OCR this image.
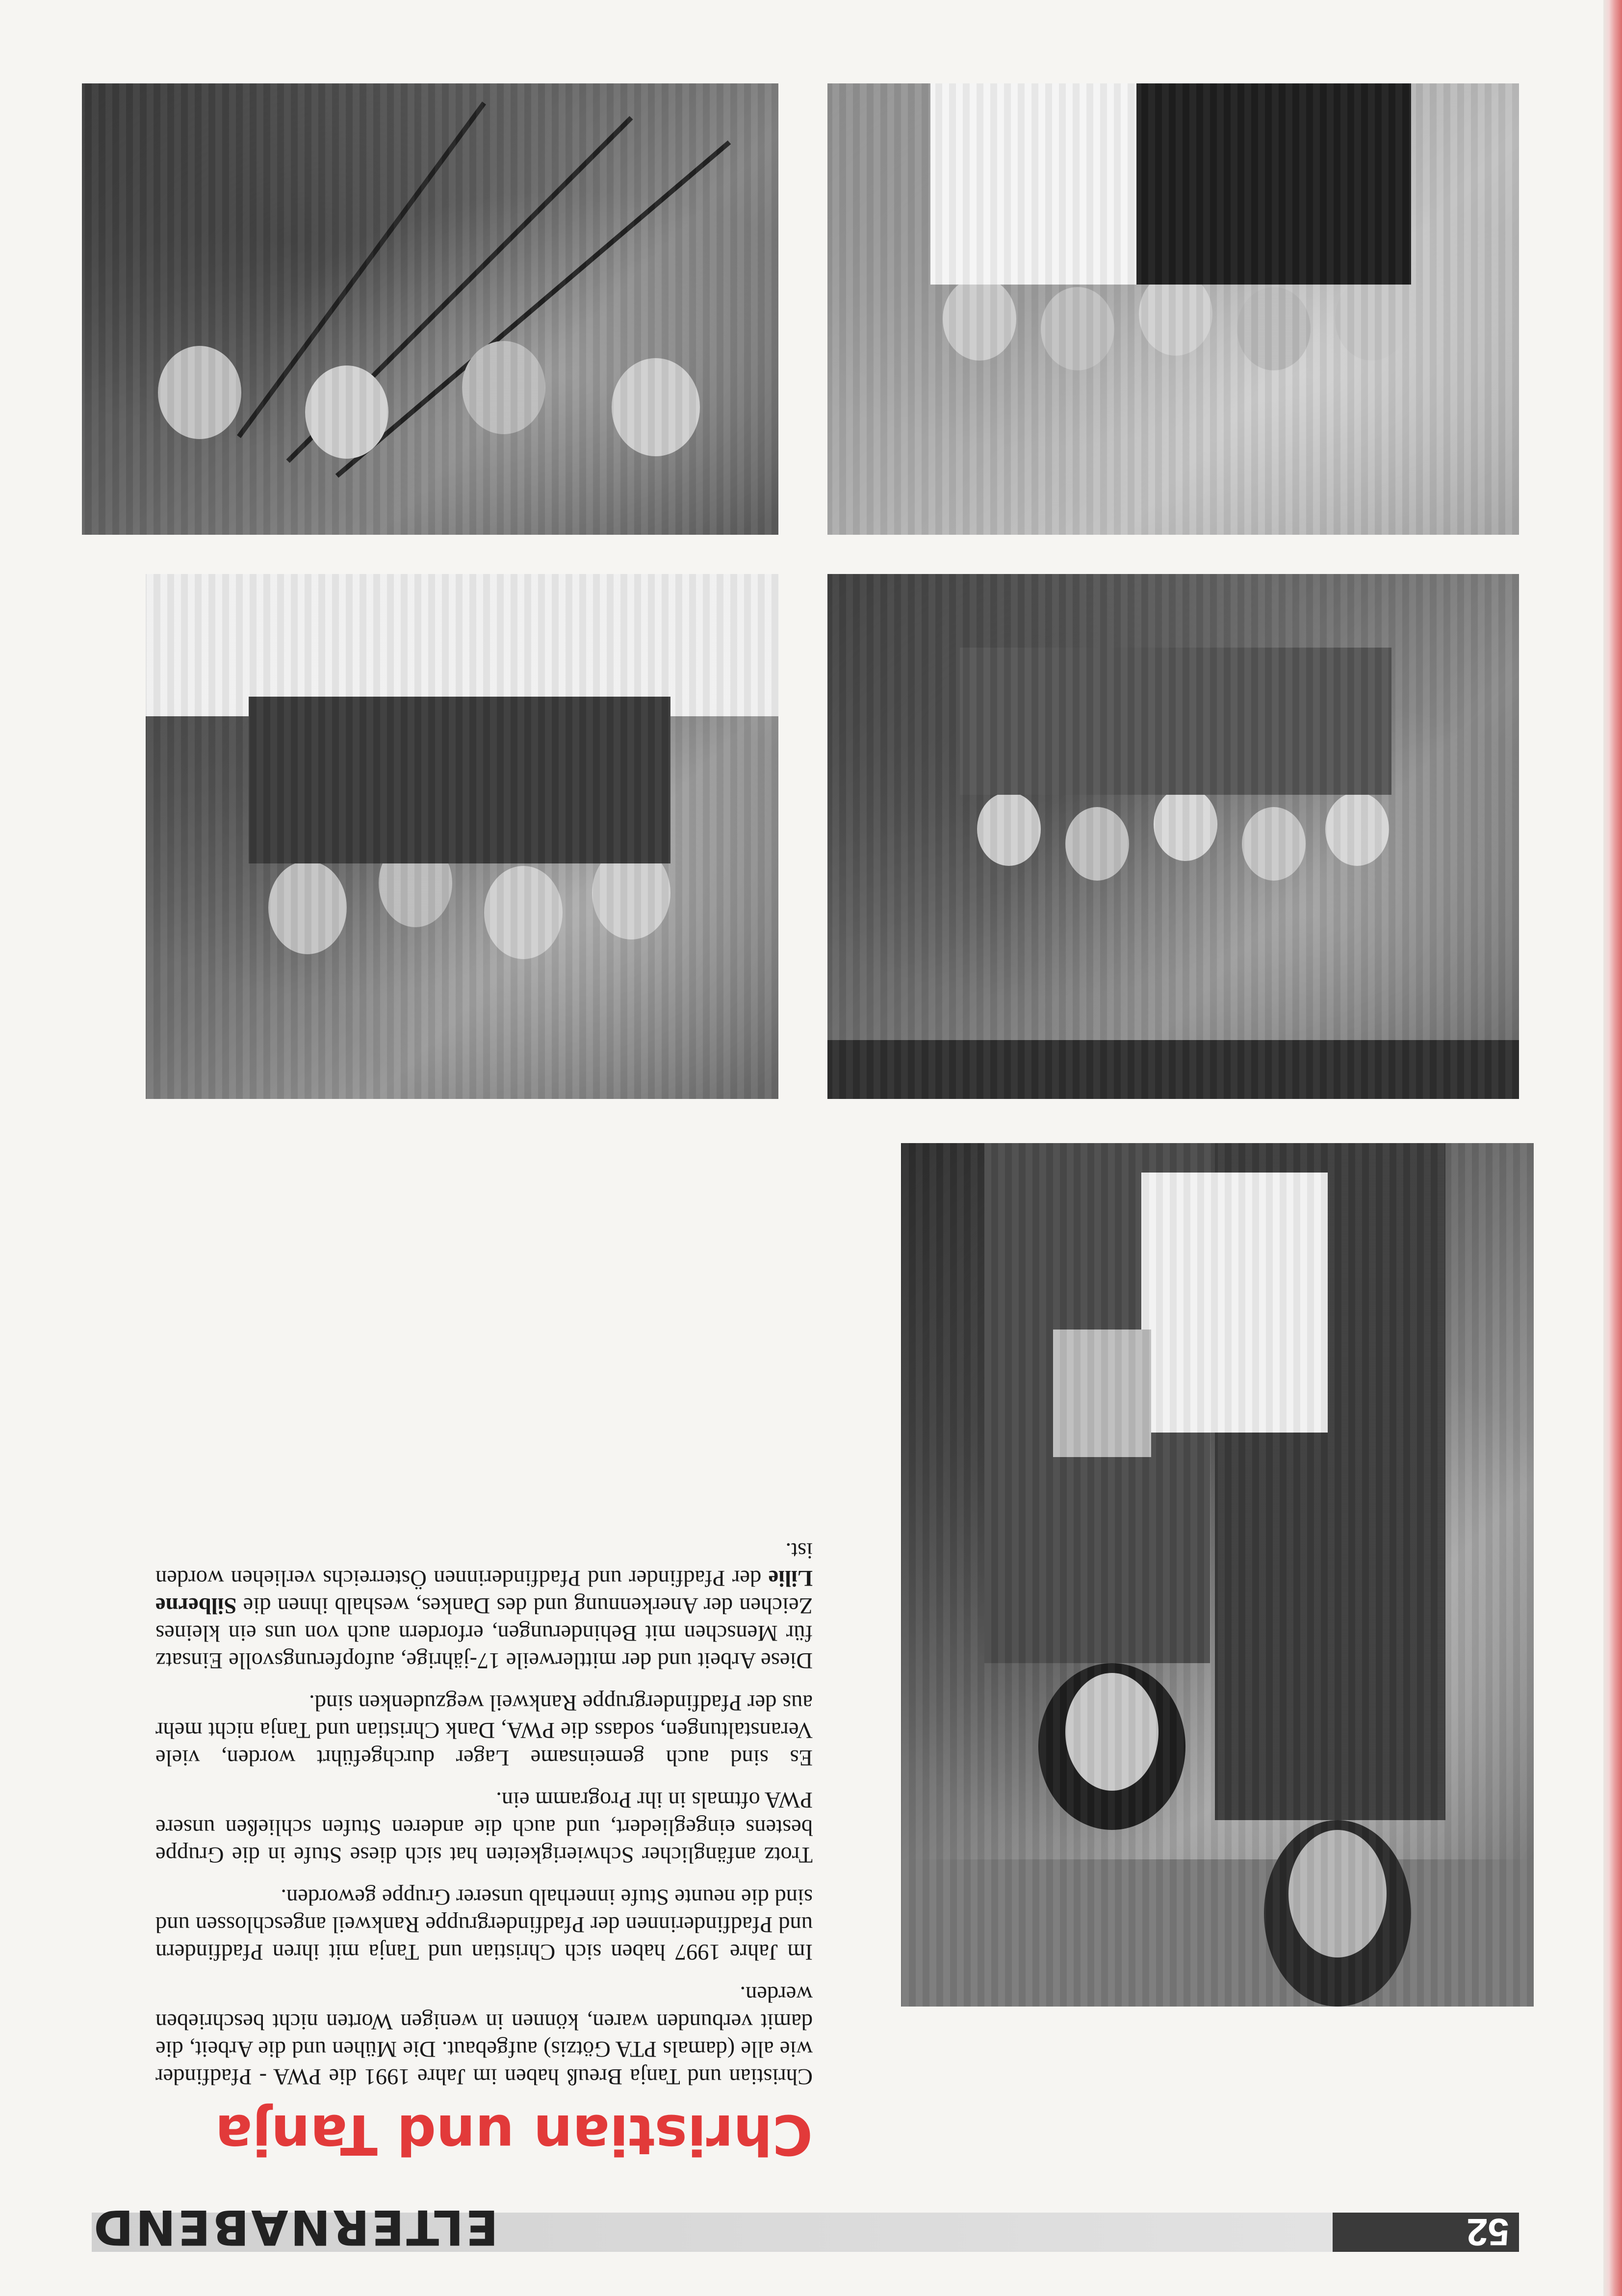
52
ELTERNABEND
Christian und Tanja

Christian und Tanja Breuß haben im Jahre 1991 die PWA - Pfadfinder wie alle (damals PTA Götzis) aufgebaut. Die Mühen und die Arbeit, die damit verbunden waren, können in wenigen Worten nicht beschrieben werden.

Im Jahre 1997 haben sich Christian und Tanja mit ihren Pfadfindern und Pfadfinderinnen der Pfadfindergruppe Rankweil angeschlossen und sind die neunte Stufe innerhalb unserer Gruppe geworden.

Trotz anfänglicher Schwierigkeiten hat sich diese Stufe in die Gruppe bestens eingegliedert, und auch die anderen Stufen schließen unsere PWA oftmals in ihr Programm ein.

Es sind auch gemeinsame Lager durchgeführt worden, viele Veranstaltungen, sodass die PWA, Dank Christian und Tanja nicht mehr aus der Pfadfindergruppe Rankweil wegzudenken sind.

Diese Arbeit und der mittlerweile 17-jährige, aufopferungsvolle Einsatz für Menschen mit Behinderungen, erfordern auch von uns ein kleines Zeichen der Anerkennung und des Dankes, weshalb ihnen die Silberne Lilie der Pfadfinder und Pfadfinderinnen Österreichs verliehen worden ist.
